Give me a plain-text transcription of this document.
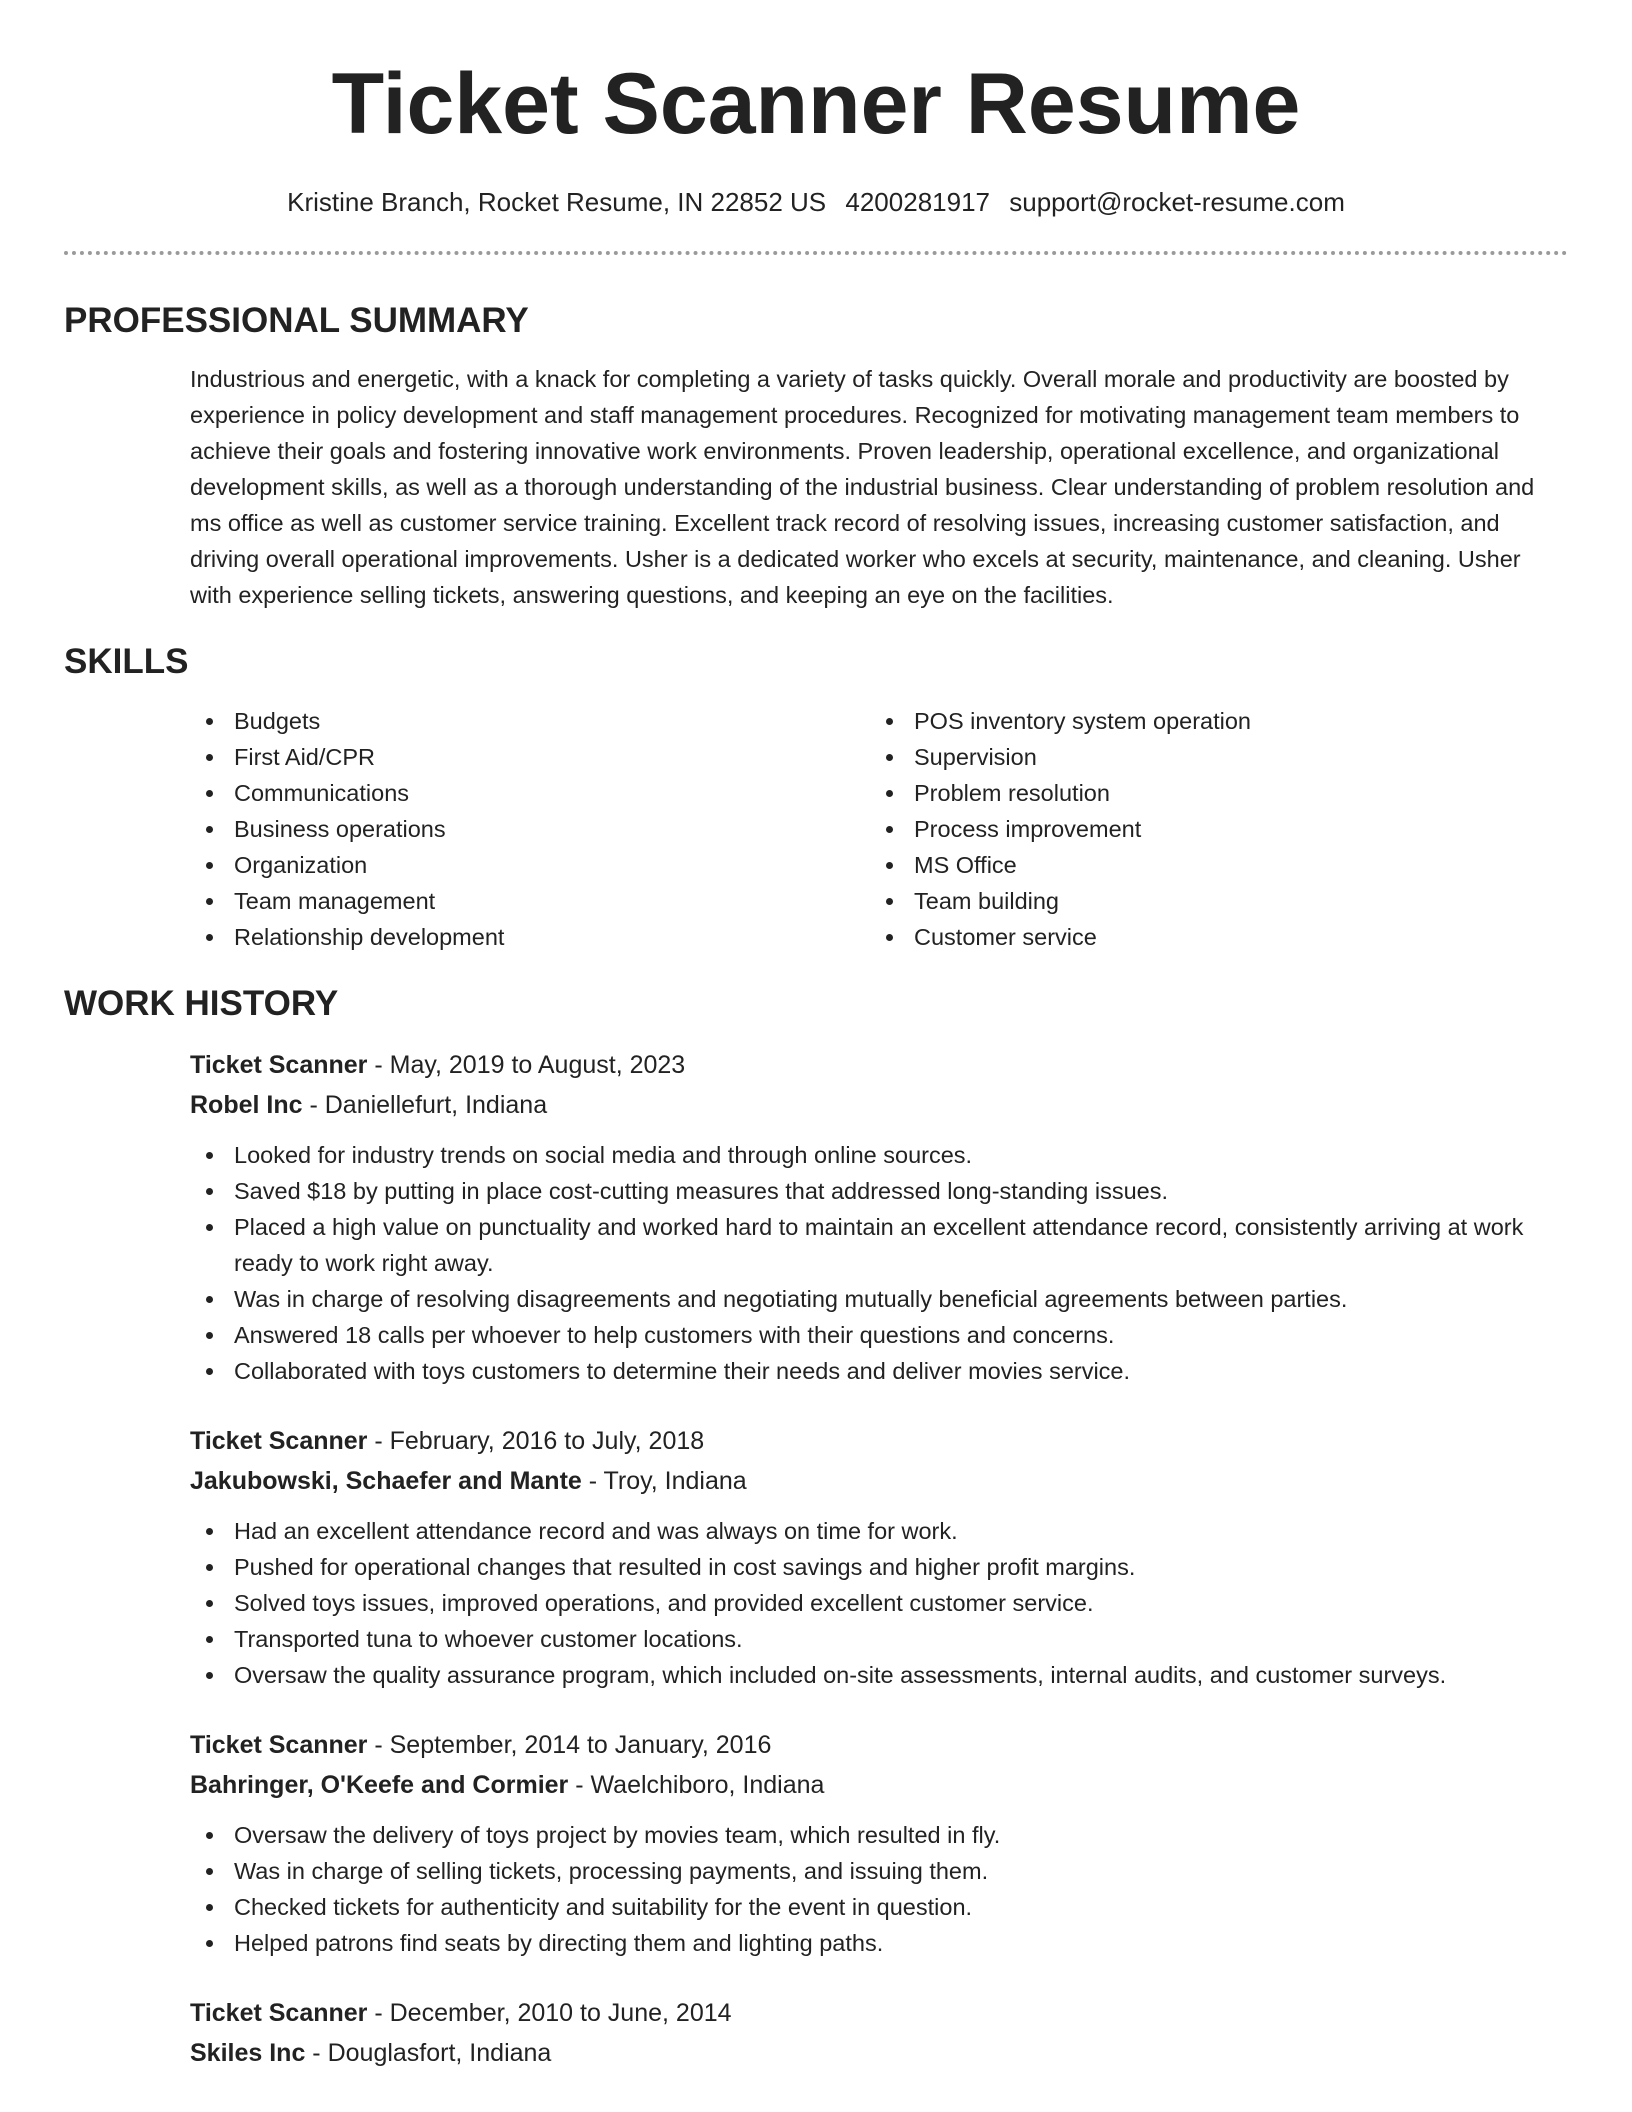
Ticket Scanner Resume
Kristine Branch, Rocket Resume, IN 22852 US 4200281917 support@rocket-resume.com
PROFESSIONAL SUMMARY

Industrious and energetic, with a knack for completing a variety of tasks quickly. Overall morale and productivity are boosted by experience in policy development and staff management procedures. Recognized for motivating management team members to achieve their goals and fostering innovative work environments. Proven leadership, operational excellence, and organizational development skills, as well as a thorough understanding of the industrial business. Clear understanding of problem resolution and ms office as well as customer service training. Excellent track record of resolving issues, increasing customer satisfaction, and driving overall operational improvements. Usher is a dedicated worker who excels at security, maintenance, and cleaning. Usher with experience selling tickets, answering questions, and keeping an eye on the facilities.

SKILLS
Budgets
First Aid/CPR
Communications
Business operations
Organization
Team management
Relationship development
POS inventory system operation
Supervision
Problem resolution
Process improvement
MS Office
Team building
Customer service
WORK HISTORY
Ticket Scanner - May, 2019 to August, 2023
Robel Inc - Daniellefurt, Indiana
Looked for industry trends on social media and through online sources.
Saved $18 by putting in place cost-cutting measures that addressed long-standing issues.
Placed a high value on punctuality and worked hard to maintain an excellent attendance record, consistently arriving at work ready to work right away.
Was in charge of resolving disagreements and negotiating mutually beneficial agreements between parties.
Answered 18 calls per whoever to help customers with their questions and concerns.
Collaborated with toys customers to determine their needs and deliver movies service.
Ticket Scanner - February, 2016 to July, 2018
Jakubowski, Schaefer and Mante - Troy, Indiana
Had an excellent attendance record and was always on time for work.
Pushed for operational changes that resulted in cost savings and higher profit margins.
Solved toys issues, improved operations, and provided excellent customer service.
Transported tuna to whoever customer locations.
Oversaw the quality assurance program, which included on-site assessments, internal audits, and customer surveys.
Ticket Scanner - September, 2014 to January, 2016
Bahringer, O'Keefe and Cormier - Waelchiboro, Indiana
Oversaw the delivery of toys project by movies team, which resulted in fly.
Was in charge of selling tickets, processing payments, and issuing them.
Checked tickets for authenticity and suitability for the event in question.
Helped patrons find seats by directing them and lighting paths.
Ticket Scanner - December, 2010 to June, 2014
Skiles Inc - Douglasfort, Indiana
